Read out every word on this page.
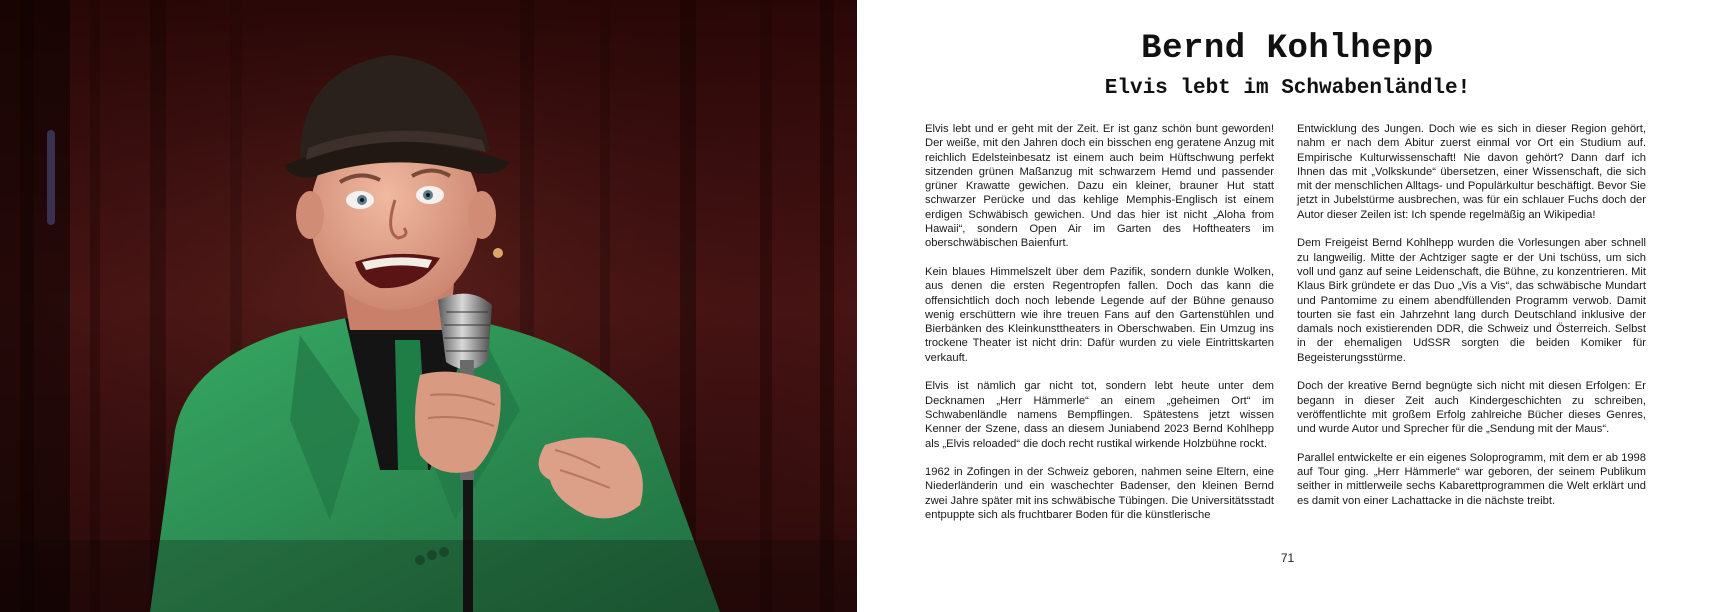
Bernd Kohlhepp
Elvis lebt im Schwabenländle!

Elvis lebt und er geht mit der Zeit. Er ist ganz schön bunt geworden! Der weiße, mit den Jahren doch ein bisschen eng geratene Anzug mit reichlich Edelsteinbesatz ist einem auch beim Hüftschwung perfekt sitzenden grünen Maßanzug mit schwarzem Hemd und passender grüner Krawatte gewichen. Dazu ein kleiner, brauner Hut statt schwarzer Perücke und das kehlige Memphis-Englisch ist einem erdigen Schwäbisch gewichen. Und das hier ist nicht „Aloha from Hawaii“, sondern Open Air im Garten des Hoftheaters im oberschwäbischen Baienfurt.

Kein blaues Himmelszelt über dem Pazifik, sondern dunkle Wolken, aus denen die ersten Regentropfen fallen. Doch das kann die offensichtlich doch noch lebende Legende auf der Bühne genauso wenig erschüttern wie ihre treuen Fans auf den Gartenstühlen und Bierbänken des Kleinkunsttheaters in Oberschwaben. Ein Umzug ins trockene Theater ist nicht drin: Dafür wurden zu viele Eintrittskarten verkauft.

Elvis ist nämlich gar nicht tot, sondern lebt heute unter dem Decknamen „Herr Hämmerle“ an einem „geheimen Ort“ im Schwabenländle namens Bempflingen. Spätestens jetzt wissen Kenner der Szene, dass an diesem Juniabend 2023 Bernd Kohlhepp als „Elvis reloaded“ die doch recht rustikal wirkende Holzbühne rockt.

1962 in Zofingen in der Schweiz geboren, nahmen seine Eltern, eine Niederländerin und ein waschechter Badenser, den kleinen Bernd zwei Jahre später mit ins schwäbische Tübingen. Die Universitätsstadt entpuppte sich als fruchtbarer Boden für die künstlerische

Entwicklung des Jungen. Doch wie es sich in dieser Region gehört, nahm er nach dem Abitur zuerst einmal vor Ort ein Studium auf. Empirische Kulturwissenschaft! Nie davon gehört? Dann darf ich Ihnen das mit „Volkskunde“ übersetzen, einer Wissenschaft, die sich mit der menschlichen Alltags- und Populärkultur beschäftigt. Bevor Sie jetzt in Jubelstürme ausbrechen, was für ein schlauer Fuchs doch der Autor dieser Zeilen ist: Ich spende regelmäßig an Wikipedia!

Dem Freigeist Bernd Kohlhepp wurden die Vorlesungen aber schnell zu langweilig. Mitte der Achtziger sagte er der Uni tschüss, um sich voll und ganz auf seine Leidenschaft, die Bühne, zu konzentrieren. Mit Klaus Birk gründete er das Duo „Vis a Vis“, das schwäbische Mundart und Pantomime zu einem abendfüllenden Programm verwob. Damit tourten sie fast ein Jahrzehnt lang durch Deutschland inklusive der damals noch existierenden DDR, die Schweiz und Österreich. Selbst in der ehemaligen UdSSR sorgten die beiden Komiker für Begeisterungsstürme.

Doch der kreative Bernd begnügte sich nicht mit diesen Erfolgen: Er begann in dieser Zeit auch Kindergeschichten zu schreiben, veröffentlichte mit großem Erfolg zahlreiche Bücher dieses Genres, und wurde Autor und Sprecher für die „Sendung mit der Maus“.

Parallel entwickelte er ein eigenes Soloprogramm, mit dem er ab 1998 auf Tour ging. „Herr Hämmerle“ war geboren, der seinem Publikum seither in mittlerweile sechs Kabarettprogrammen die Welt erklärt und es damit von einer Lachattacke in die nächste treibt.

71
